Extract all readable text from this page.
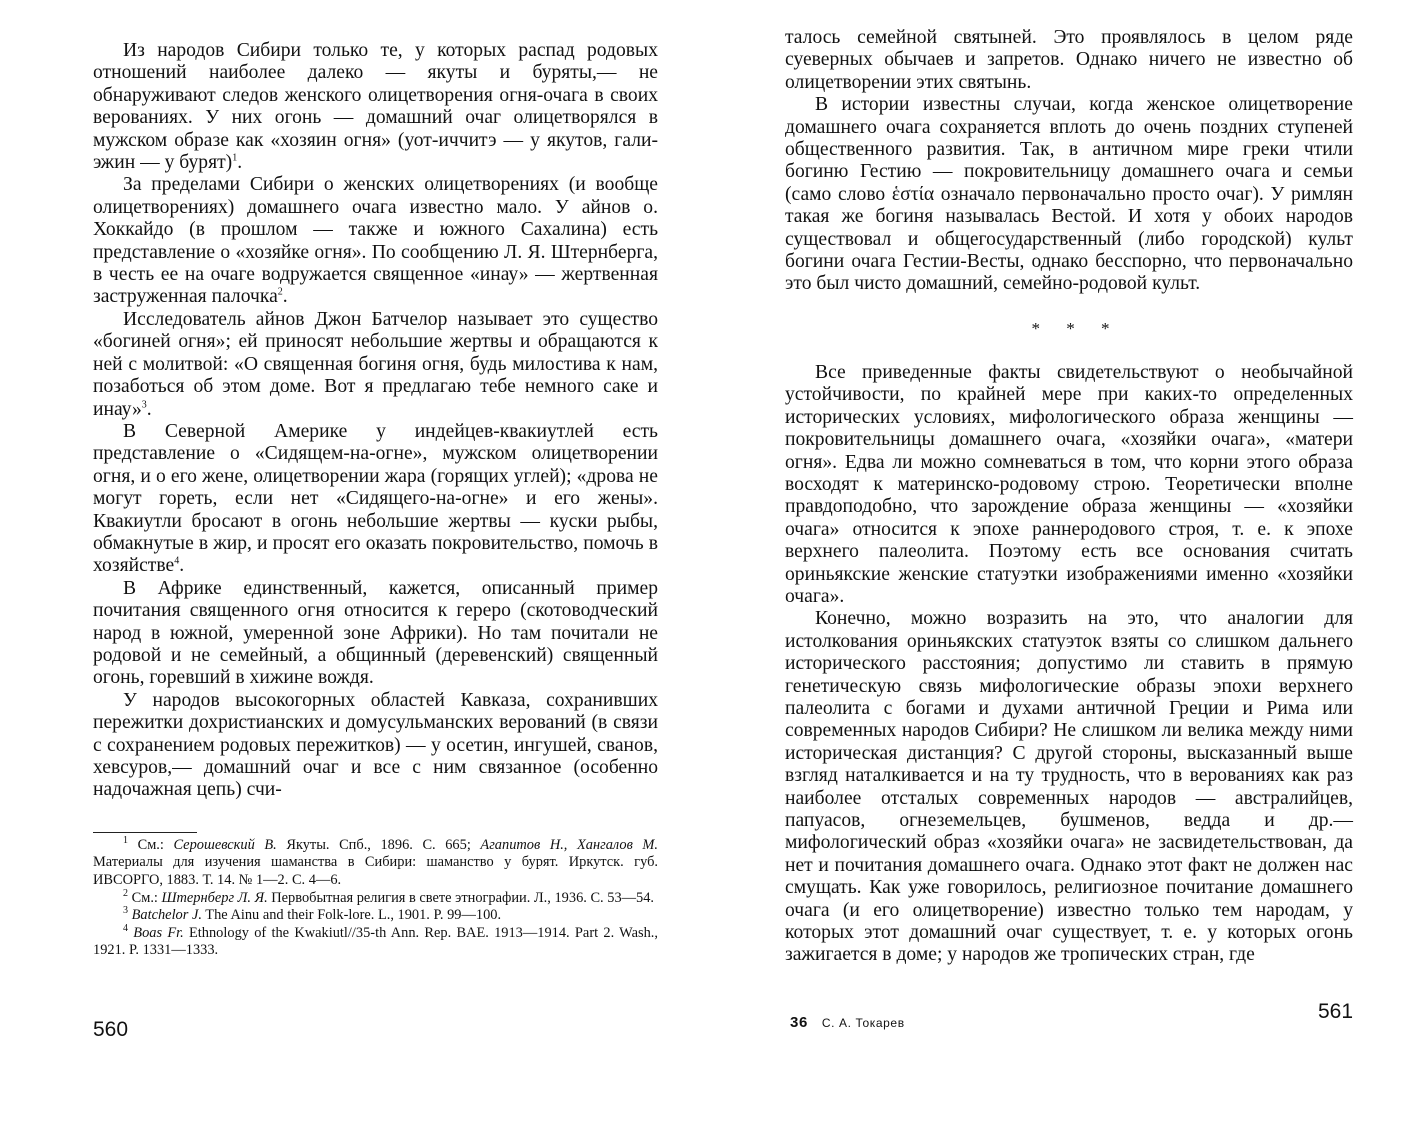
Из народов Сибири только те, у которых распад родовых отношений наиболее далеко — якуты и буряты,— не обнаруживают следов женского олицетворения огня-очага в своих верованиях. У них огонь — домашний очаг олицетворялся в мужском образе как «хозяин огня» (уот-иччитэ — у якутов, гали-эжин — у бурят)$^1$.

За пределами Сибири о женских олицетворениях (и вообще олицетворениях) домашнего очага известно мало. У айнов о. Хоккайдо (в прошлом — также и южного Сахалина) есть представление о «хозяйке огня». По сообщению Л. Я. Штернберга, в честь ее на очаге водружается священное «инау» — жертвенная заструженная палочка$^2$.

Исследователь айнов Джон Батчелор называет это существо «богиней огня»; ей приносят небольшие жертвы и обращаются к ней с молитвой: «О священная богиня огня, будь милостива к нам, позаботься об этом доме. Вот я предлагаю тебе немного саке и инау»$^3$.

В Северной Америке у индейцев-квакиутлей есть представление о «Сидящем-на-огне», мужском олицетворении огня, и о его жене, олицетворении жара (горящих углей); «дрова не могут гореть, если нет «Сидящего-на-огне» и его жены». Квакиутли бросают в огонь небольшие жертвы — куски рыбы, обмакнутые в жир, и просят его оказать покровительство, помочь в хозяйстве$^4$.

В Африке единственный, кажется, описанный пример почитания священного огня относится к гереро (скотоводческий народ в южной, умеренной зоне Африки). Но там почитали не родовой и не семейный, а общинный (деревенский) священный огонь, горевший в хижине вождя.

У народов высокогорных областей Кавказа, сохранивших пережитки дохристианских и домусульманских верований (в связи с сохранением родовых пережитков) — у осетин, ингушей, сванов, хевсуров,— домашний очаг и все с ним связанное (особенно надочажная цепь) счи-

$^1$ См.: Серошевский В. Якуты. Спб., 1896. С. 665; Агапитов Н., Хангалов М. Материалы для изучения шаманства в Сибири: шаманство у бурят. Иркутск. губ. ИВСОРГО, 1883. Т. 14. № 1—2. С. 4—6.

$^2$ См.: Штернберг Л. Я. Первобытная религия в свете этнографии. Л., 1936. С. 53—54.

$^3$ Batchelor J. The Ainu and their Folk-lore. L., 1901. P. 99—100.

$^4$ Boas Fr. Ethnology of the Kwakiutl//35-th Ann. Rep. BAE. 1913—1914. Part 2. Wash., 1921. P. 1331—1333.

560

талось семейной святыней. Это проявлялось в целом ряде суеверных обычаев и запретов. Однако ничего не известно об олицетворении этих святынь.

В истории известны случаи, когда женское олицетворение домашнего очага сохраняется вплоть до очень поздних ступеней общественного развития. Так, в античном мире греки чтили богиню Гестию — покровительницу домашнего очага и семьи (само слово ἑστία означало первоначально просто очаг). У римлян такая же богиня называлась Вестой. И хотя у обоих народов существовал и общегосударственный (либо городской) культ богини очага Гестии-Весты, однако бесспорно, что первоначально это был чисто домашний, семейно-родовой культ.

* * *

Все приведенные факты свидетельствуют о необычайной устойчивости, по крайней мере при каких-то определенных исторических условиях, мифологического образа женщины — покровительницы домашнего очага, «хозяйки очага», «матери огня». Едва ли можно сомневаться в том, что корни этого образа восходят к материнско-родовому строю. Теоретически вполне правдоподобно, что зарождение образа женщины — «хозяйки очага» относится к эпохе раннеродового строя, т. е. к эпохе верхнего палеолита. Поэтому есть все основания считать ориньякские женские статуэтки изображениями именно «хозяйки очага».

Конечно, можно возразить на это, что аналогии для истолкования ориньякских статуэток взяты со слишком дальнего исторического расстояния; допустимо ли ставить в прямую генетическую связь мифологические образы эпохи верхнего палеолита с богами и духами античной Греции и Рима или современных народов Сибири? Не слишком ли велика между ними историческая дистанция? С другой стороны, высказанный выше взгляд наталкивается и на ту трудность, что в верованиях как раз наиболее отсталых современных народов — австралийцев, папуасов, огнеземельцев, бушменов, ведда и др.— мифологический образ «хозяйки очага» не засвидетельствован, да нет и почитания домашнего очага. Однако этот факт не должен нас смущать. Как уже говорилось, религиозное почитание домашнего очага (и его олицетворение) известно только тем народам, у которых этот домашний очаг существует, т. е. у которых огонь зажигается в доме; у народов же тропических стран, где

36 С. А. Токарев	561
